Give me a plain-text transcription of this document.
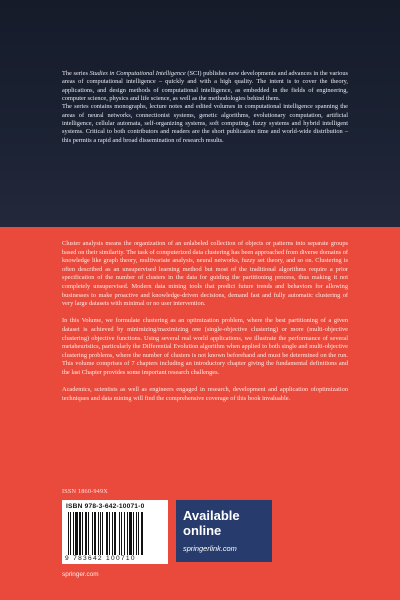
The series Studies in Computational Intelligence (SCI) publishes new developments and advances in the various areas of computational intelligence – quickly and with a high quality. The intent is to cover the theory, applications, and design methods of computational intelligence, as embedded in the fields of engineering, computer science, physics and life science, as well as the methodologies behind them.

The series contains monographs, lecture notes and edited volumes in computational intelligence spanning the areas of neural networks, connectionist systems, genetic algorithms, evolutionary computation, artificial intelligence, cellular automata, self-organizing systems, soft computing, fuzzy systems and hybrid intelligent systems. Critical to both contributors and readers are the short publication time and world-wide distribution – this permits a rapid and broad dissemination of research results.

Cluster analysis means the organization of an unlabeled collection of objects or patterns into separate groups based on their similarity. The task of computerized data clustering has been approached from diverse domains of knowledge like graph theory, multivariate analysis, neural networks, fuzzy set theory, and so on. Clustering is often described as an unsupervised learning method but most of the traditional algorithms require a prior specification of the number of clusters in the data for guiding the partitioning process, thus making it not completely unsupervised. Modern data mining tools that predict future trends and behaviors for allowing businesses to make proactive and knowledge-driven decisions, demand fast and fully automatic clustering of very large datasets with minimal or no user intervention.

In this Volume, we formulate clustering as an optimization problem, where the best partitioning of a given dataset is achieved by minimizing/maximizing one (single-objective clustering) or more (multi-objective clustering) objective functions. Using several real world applications, we illustrate the performance of several metaheuristics, particularly the Differential Evolution algorithm when applied to both single and multi-objective clustering problems, where the number of clusters is not known beforehand and must be determined on the run. This volume comprises of 7 chapters including an introductory chapter giving the fundamental definitions and the last Chapter provides some important research challenges.

Academics, scientists as well as engineers engaged in research, development and application ofoptimization techniques and data mining will find the comprehensive coverage of this book invaluable.

ISSN 1860-949X
ISBN 978-3-642-10071-0
9 783642 100710
Available
online
springerlink.com
springer.com
